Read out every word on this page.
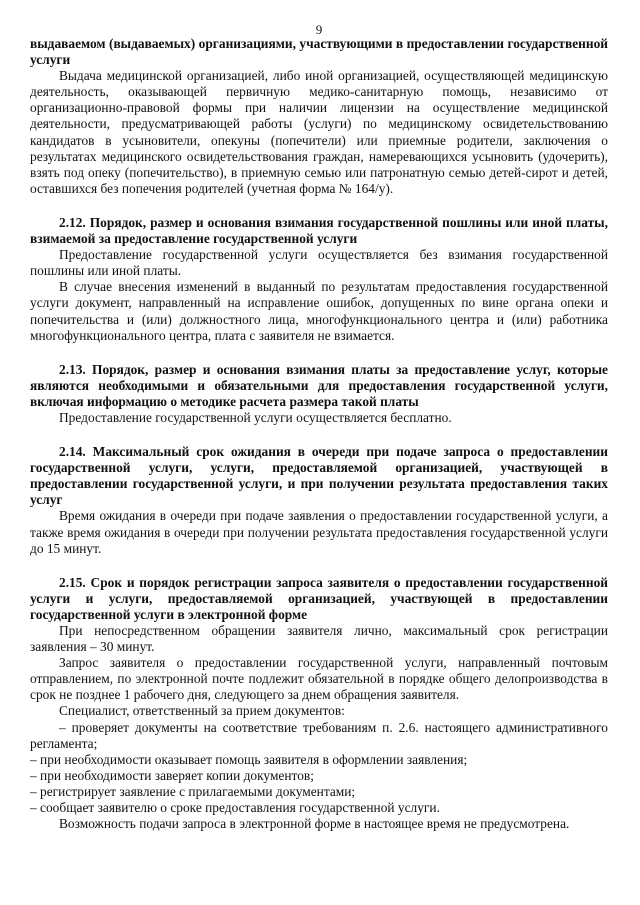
9

выдаваемом (выдаваемых) организациями, участвующими в предоставлении государственной услуги

Выдача медицинской организацией, либо иной организацией, осуществляющей медицинскую деятельность, оказывающей первичную медико-санитарную помощь, независимо от организационно-правовой формы при наличии лицензии на осуществление медицинской деятельности, предусматривающей работы (услуги) по медицинскому освидетельствованию кандидатов в усыновители, опекуны (попечители) или приемные родители, заключения о результатах медицинского освидетельствования граждан, намеревающихся усыновить (удочерить), взять под опеку (попечительство), в приемную семью или патронатную семью детей-сирот и детей, оставшихся без попечения родителей (учетная форма № 164/у).

2.12. Порядок, размер и основания взимания государственной пошлины или иной платы, взимаемой за предоставление государственной услуги

Предоставление государственной услуги осуществляется без взимания государственной пошлины или иной платы.

В случае внесения изменений в выданный по результатам предоставления государственной услуги документ, направленный на исправление ошибок, допущенных по вине органа опеки и попечительства и (или) должностного лица, многофункционального центра и (или) работника многофункционального центра, плата с заявителя не взимается.

2.13. Порядок, размер и основания взимания платы за предоставление услуг, которые являются необходимыми и обязательными для предоставления государственной услуги, включая информацию о методике расчета размера такой платы

Предоставление государственной услуги осуществляется бесплатно.

2.14. Максимальный срок ожидания в очереди при подаче запроса о предоставлении государственной услуги, услуги, предоставляемой организацией, участвующей в предоставлении государственной услуги, и при получении результата предоставления таких услуг

Время ожидания в очереди при подаче заявления о предоставлении государственной услуги, а также время ожидания в очереди при получении результата предоставления государственной услуги до 15 минут.

2.15. Срок и порядок регистрации запроса заявителя о предоставлении государственной услуги и услуги, предоставляемой организацией, участвующей в предоставлении государственной услуги в электронной форме

При непосредственном обращении заявителя лично, максимальный срок регистрации заявления – 30 минут.

Запрос заявителя о предоставлении государственной услуги, направленный почтовым отправлением, по электронной почте подлежит обязательной в порядке общего делопроизводства в срок не позднее 1 рабочего дня, следующего за днем обращения заявителя.

Специалист, ответственный за прием документов:

– проверяет документы на соответствие требованиям п. 2.6. настоящего административного регламента;

– при необходимости оказывает помощь заявителя в оформлении заявления;

– при необходимости заверяет копии документов;

– регистрирует заявление с прилагаемыми документами;

– сообщает заявителю о сроке предоставления государственной услуги.

Возможность подачи запроса в электронной форме в настоящее время не предусмотрена.
